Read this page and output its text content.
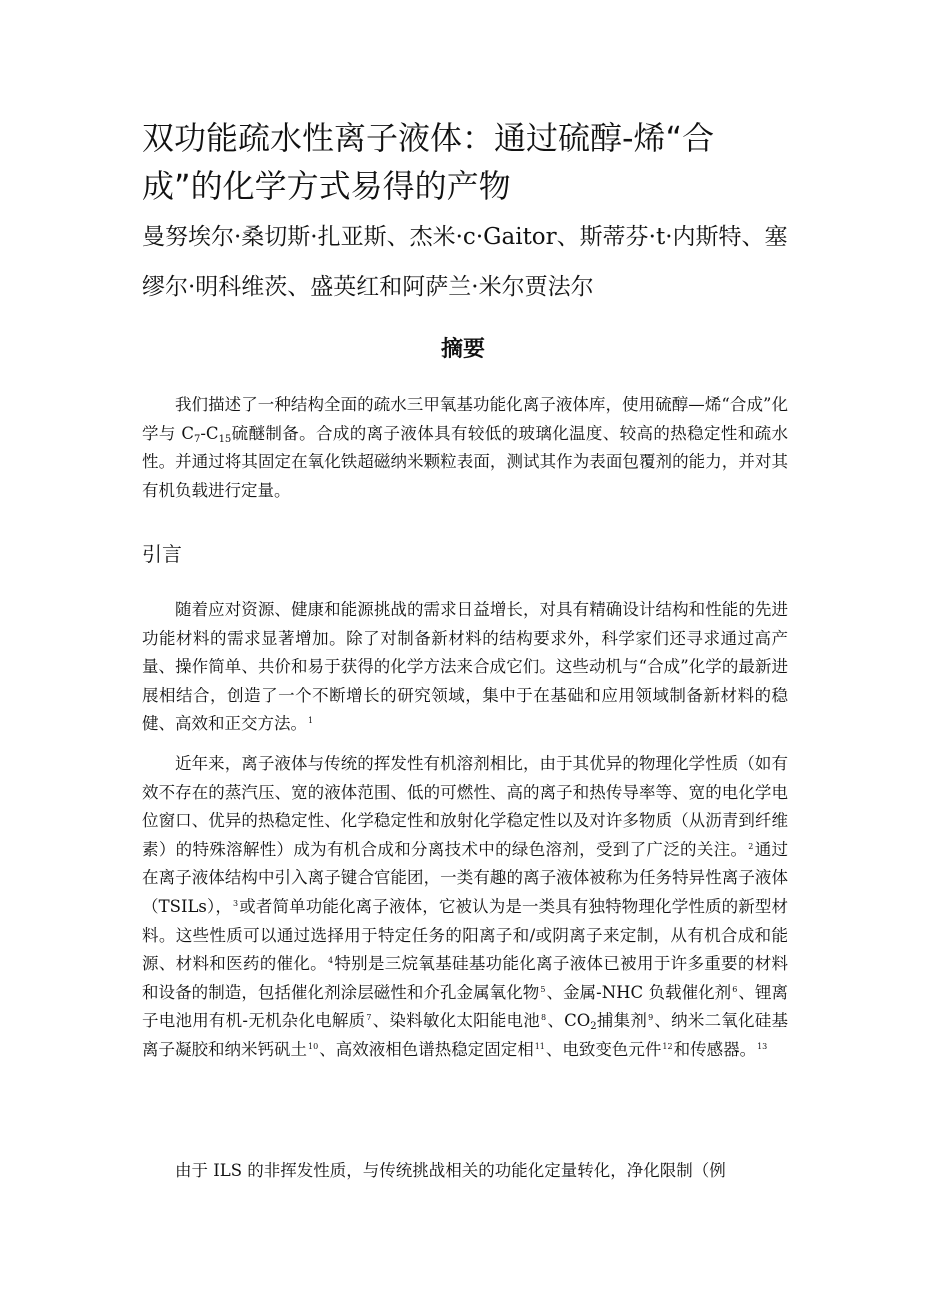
双功能疏水性离子液体：通过硫醇-烯“合成”的化学方式易得的产物

曼努埃尔·桑切斯·扎亚斯、杰米·c·Gaitor、斯蒂芬·t·内斯特、塞缪尔·明科维茨、盛英红和阿萨兰·米尔贾法尔

摘要

我们描述了一种结构全面的疏水三甲氧基功能化离子液体库，使用硫醇—烯“合成”化学与 $C_7-C_{15}$硫醚制备。合成的离子液体具有较低的玻璃化温度、较高的热稳定性和疏水性。并通过将其固定在氧化铁超磁纳米颗粒表面，测试其作为表面包覆剂的能力，并对其有机负载进行定量。

引言

随着应对资源、健康和能源挑战的需求日益增长，对具有精确设计结构和性能的先进功能材料的需求显著增加。除了对制备新材料的结构要求外，科学家们还寻求通过高产量、操作简单、共价和易于获得的化学方法来合成它们。这些动机与“合成”化学的最新进展相结合，创造了一个不断增长的研究领域，集中于在基础和应用领域制备新材料的稳健、高效和正交方法。$^1$

近年来，离子液体与传统的挥发性有机溶剂相比，由于其优异的物理化学性质（如有效不存在的蒸汽压、宽的液体范围、低的可燃性、高的离子和热传导率等、宽的电化学电位窗口、优异的热稳定性、化学稳定性和放射化学稳定性以及对许多物质（从沥青到纤维素）的特殊溶解性）成为有机合成和分离技术中的绿色溶剂，受到了广泛的关注。$^2$通过在离子液体结构中引入离子键合官能团，一类有趣的离子液体被称为任务特异性离子液体（TSILs），$^3$或者简单功能化离子液体，它被认为是一类具有独特物理化学性质的新型材料。这些性质可以通过选择用于特定任务的阳离子和/或阴离子来定制，从有机合成和能源、材料和医药的催化。$^4$特别是三烷氧基硅基功能化离子液体已被用于许多重要的材料和设备的制造，包括催化剂涂层磁性和介孔金属氧化物$^5$、金属-NHC 负载催化剂$^6$、锂离子电池用有机-无机杂化电解质$^7$、染料敏化太阳能电池$^8$、$CO_2$捕集剂$^9$、纳米二氧化硅基离子凝胶和纳米钙矾土$^{10}$、高效液相色谱热稳定固定相$^{11}$、电致变色元件$^{12}$和传感器。$^{13}$

由于 ILS 的非挥发性质，与传统挑战相关的功能化定量转化，净化限制（例
